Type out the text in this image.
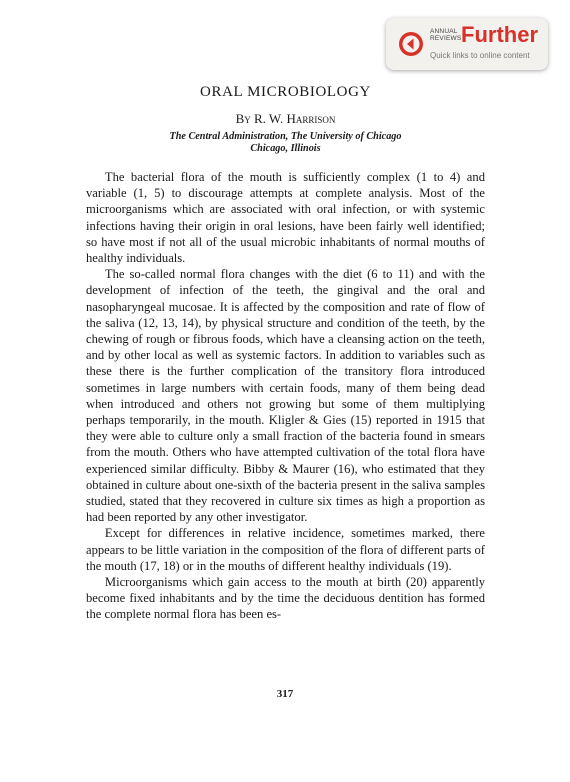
ANNUAL
REVIEWS Further
Quick links to online content
ORAL MICROBIOLOGY

By R. W. Harrison

The Central Administration, The University of Chicago

Chicago, Illinois

The bacterial flora of the mouth is sufficiently complex (1 to 4) and variable (1, 5) to discourage attempts at complete analysis. Most of the microorganisms which are associated with oral infection, or with systemic infections having their origin in oral lesions, have been fairly well identified; so have most if not all of the usual microbic inhabitants of normal mouths of healthy individuals.

The so-called normal flora changes with the diet (6 to 11) and with the development of infection of the teeth, the gingival and the oral and nasopharyngeal mucosae. It is affected by the composition and rate of flow of the saliva (12, 13, 14), by physical structure and condition of the teeth, by the chewing of rough or fibrous foods, which have a cleansing action on the teeth, and by other local as well as systemic factors. In addition to variables such as these there is the further complication of the transitory flora introduced sometimes in large numbers with certain foods, many of them being dead when introduced and others not growing but some of them multiplying perhaps temporarily, in the mouth. Kligler & Gies (15) reported in 1915 that they were able to culture only a small fraction of the bacteria found in smears from the mouth. Others who have attempted cultivation of the total flora have experienced similar difficulty. Bibby & Maurer (16), who estimated that they obtained in culture about one-sixth of the bacteria present in the saliva samples studied, stated that they recovered in culture six times as high a proportion as had been reported by any other investigator.

Except for differences in relative incidence, sometimes marked, there appears to be little variation in the composition of the flora of different parts of the mouth (17, 18) or in the mouths of different healthy individuals (19).

Microorganisms which gain access to the mouth at birth (20) apparently become fixed inhabitants and by the time the deciduous dentition has formed the complete normal flora has been es-

317
